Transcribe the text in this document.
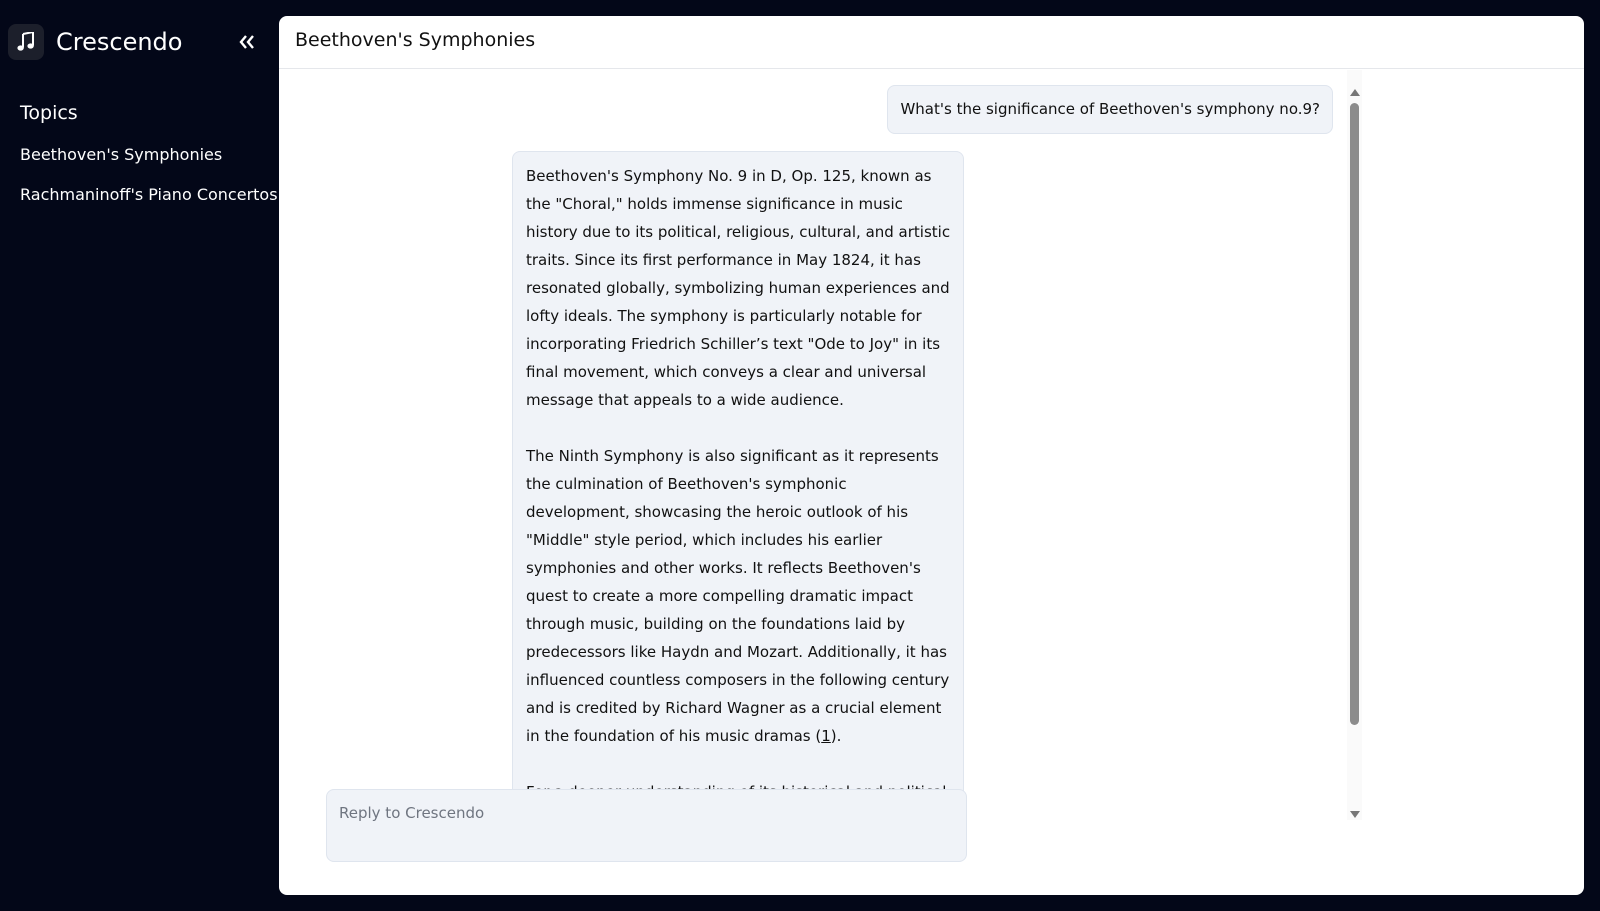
Crescendo
Topics
Beethoven's Symphonies
Rachmaninoff's Piano Concertos
Beethoven's Symphonies
What's the significance of Beethoven's symphony no.9?

Beethoven's Symphony No. 9 in D, Op. 125, known as the "Choral," holds immense significance in music history due to its political, religious, cultural, and artistic traits. Since its first performance in May 1824, it has resonated globally, symbolizing human experiences and lofty ideals. The symphony is particularly notable for incorporating Friedrich Schiller’s text "Ode to Joy" in its final movement, which conveys a clear and universal message that appeals to a wide audience.

The Ninth Symphony is also significant as it represents the culmination of Beethoven's symphonic development, showcasing the heroic outlook of his "Middle" style period, which includes his earlier symphonies and other works. It reflects Beethoven's quest to create a more compelling dramatic impact through music, building on the foundations laid by predecessors like Haydn and Mozart. Additionally, it has influenced countless composers in the following century and is credited by Richard Wagner as a crucial element in the foundation of his music dramas (1).

Reply to Crescendo
